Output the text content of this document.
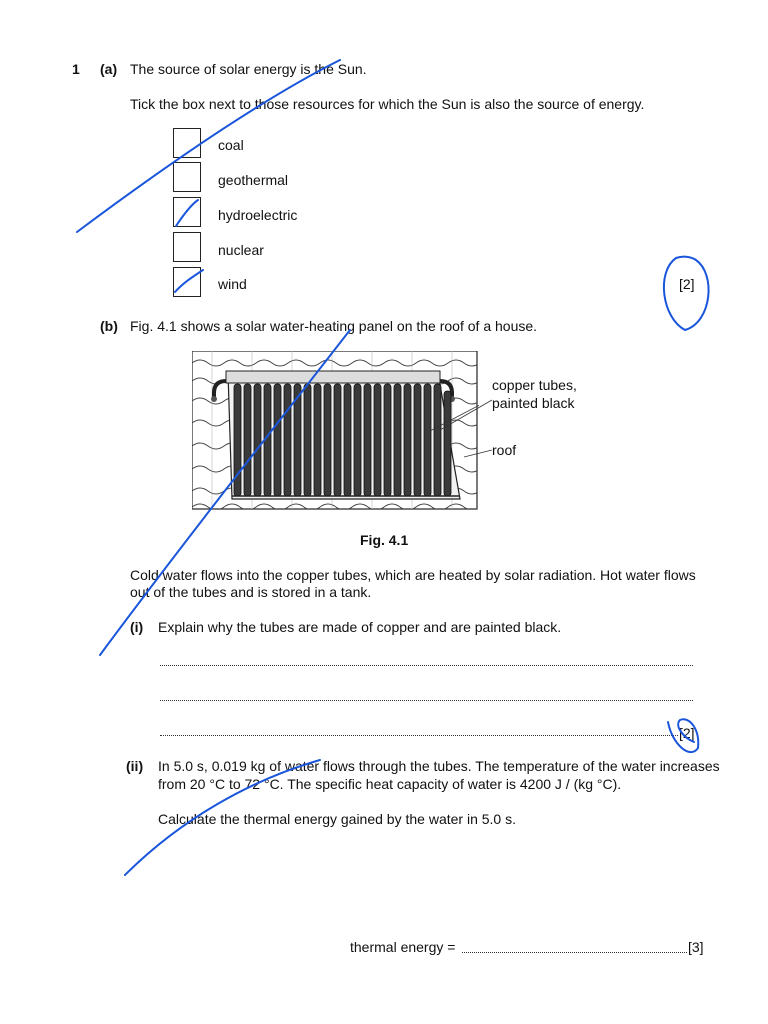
1 (a) The source of solar energy is the Sun.
Tick the box next to those resources for which the Sun is also the source of energy.
coal
geothermal
hydroelectric
nuclear
wind	[2]
(b) Fig. 4.1 shows a solar water-heating panel on the roof of a house.
copper tubes,
painted black
roof
Fig. 4.1
Cold water flows into the copper tubes, which are heated by solar radiation. Hot water flows
out of the tubes and is stored in a tank.
(i) Explain why the tubes are made of copper and are painted black.
[2]
(ii) In 5.0 s, 0.019 kg of water flows through the tubes. The temperature of the water increases
from 20 °C to 72 °C. The specific heat capacity of water is 4200 J / (kg °C).
Calculate the thermal energy gained by the water in 5.0 s.
thermal energy =	[3]
